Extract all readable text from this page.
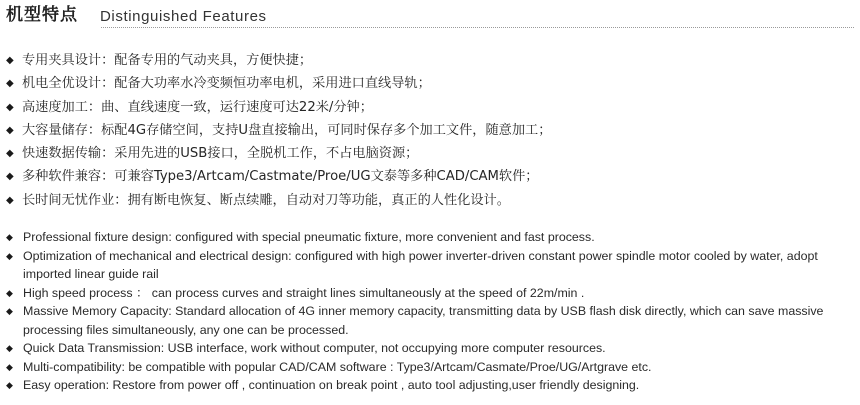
机型特点 Distinguished Features
◆ 专用夹具设计：配备专用的气动夹具，方便快捷；
◆ 机电全优设计：配备大功率水冷变频恒功率电机，采用进口直线导轨；
◆ 高速度加工：曲、直线速度一致，运行速度可达22米/分钟；
◆ 大容量储存：标配4G存储空间，支持U盘直接输出，可同时保存多个加工文件，随意加工；
◆ 快速数据传输：采用先进的USB接口，全脱机工作，不占电脑资源；
◆ 多种软件兼容：可兼容Type3/Artcam/Castmate/Proe/UG文泰等多种CAD/CAM软件；
◆ 长时间无忧作业：拥有断电恢复、断点续雕，自动对刀等功能，真正的人性化设计。
◆ Professional fixture design: configured with special pneumatic fixture, more convenient and fast process.
◆ Optimization of mechanical and electrical design: configured with high power inverter-driven constant power spindle motor cooled by water, adopt imported linear guide rail
◆ High speed process ： can process curves and straight lines simultaneously at the speed of 22m/min .
◆ Massive Memory Capacity: Standard allocation of 4G inner memory capacity, transmitting data by USB flash disk directly, which can save massive processing files simultaneously, any one can be processed.
◆ Quick Data Transmission: USB interface, work without computer, not occupying more computer resources.
◆ Multi-compatibility: be compatible with popular CAD/CAM software : Type3/Artcam/Casmate/Proe/UG/Artgrave etc.
◆ Easy operation: Restore from power off , continuation on break point , auto tool adjusting,user friendly designing.
